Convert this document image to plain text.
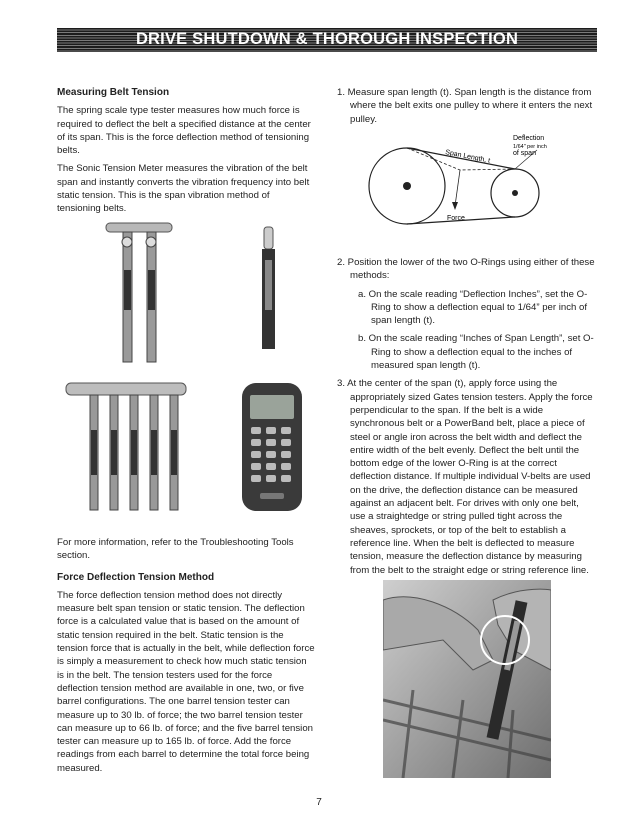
DRIVE SHUTDOWN & THOROUGH INSPECTION
Measuring Belt Tension

The spring scale type tester measures how much force is required to deflect the belt a specified distance at the center of its span. This is the force deflection method of tensioning belts.

The Sonic Tension Meter measures the vibration of the belt span and instantly converts the vibration frequency into belt static tension. This is the span vibration method of tensioning belts.

For more information, refer to the Troubleshooting Tools section.

Force Deflection Tension Method

The force deflection tension method does not directly measure belt span tension or static tension. The deflection force is a calculated value that is based on the amount of static tension required in the belt. Static tension is the tension force that is actually in the belt, while deflection force is simply a measurement to check how much static tension is in the belt. The tension testers used for the force deflection tension method are available in one, two, or five barrel configurations. The one barrel tension tester can measure up to 30 lb. of force; the two barrel tension tester can measure up to 66 lb. of force; and the five barrel tension tester can measure up to 165 lb. of force. Add the force readings from each barrel to determine the total force being measured.

1. Measure span length (t). Span length is the distance from where the belt exits one pulley to where it enters the next pulley.

Deflection
1/64" per inch
of span
Span Length, t
Force

2. Position the lower of the two O-Rings using either of these methods:

a. On the scale reading “Deflection Inches”, set the O-Ring to show a deflection equal to 1/64” per inch of span length (t).

b. On the scale reading “Inches of Span Length”, set O-Ring to show a deflection equal to the inches of measured span length (t).

3. At the center of the span (t), apply force using the appropriately sized Gates tension testers. Apply the force perpendicular to the span. If the belt is a wide synchronous belt or a PowerBand belt, place a piece of steel or angle iron across the belt width and deflect the entire width of the belt evenly. Deflect the belt until the bottom edge of the lower O-Ring is at the correct deflection distance. If multiple individual V-belts are used on the drive, the deflection distance can be measured against an adjacent belt. For drives with only one belt, use a straightedge or string pulled tight across the sheaves, sprockets, or top of the belt to establish a reference line. When the belt is deflected to measure tension, measure the deflection distance by measuring from the belt to the straight edge or string reference line.

7
